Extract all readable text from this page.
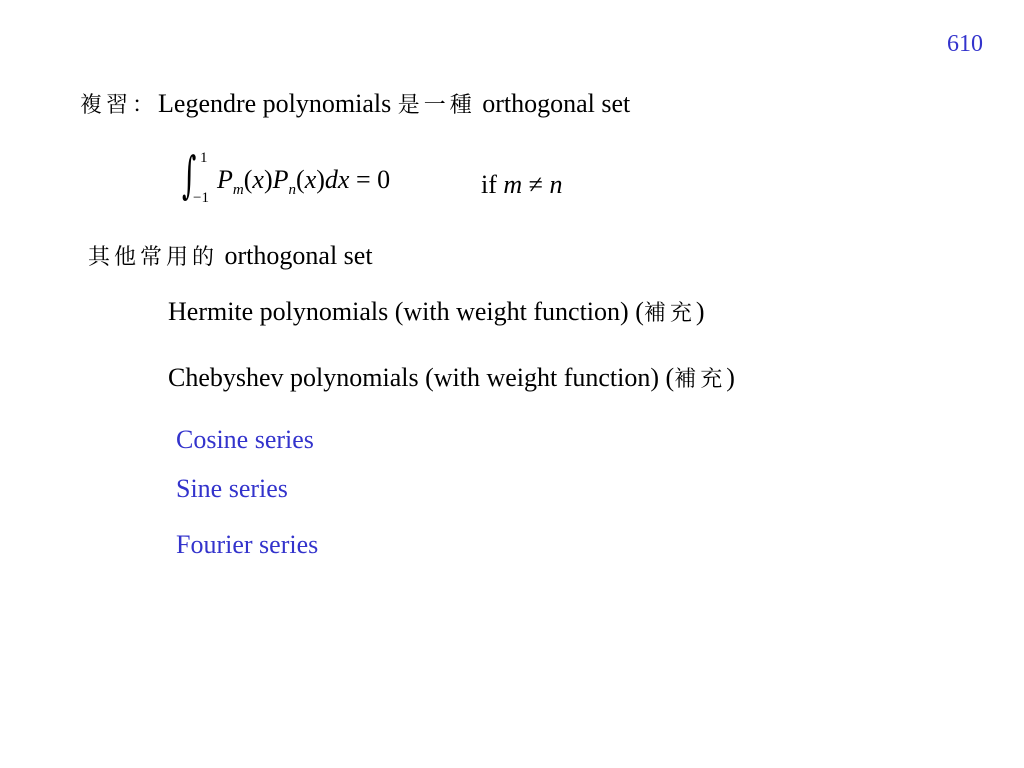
610
複習：Legendre polynomials 是一種 orthogonal set
∫ 1
−1
$P_m(x)P_n(x)dx = 0$	if m ≠ n
其他常用的 orthogonal set
Hermite polynomials (with weight function) (補充)
Chebyshev polynomials (with weight function) (補充)
Cosine series
Sine series
Fourier series
